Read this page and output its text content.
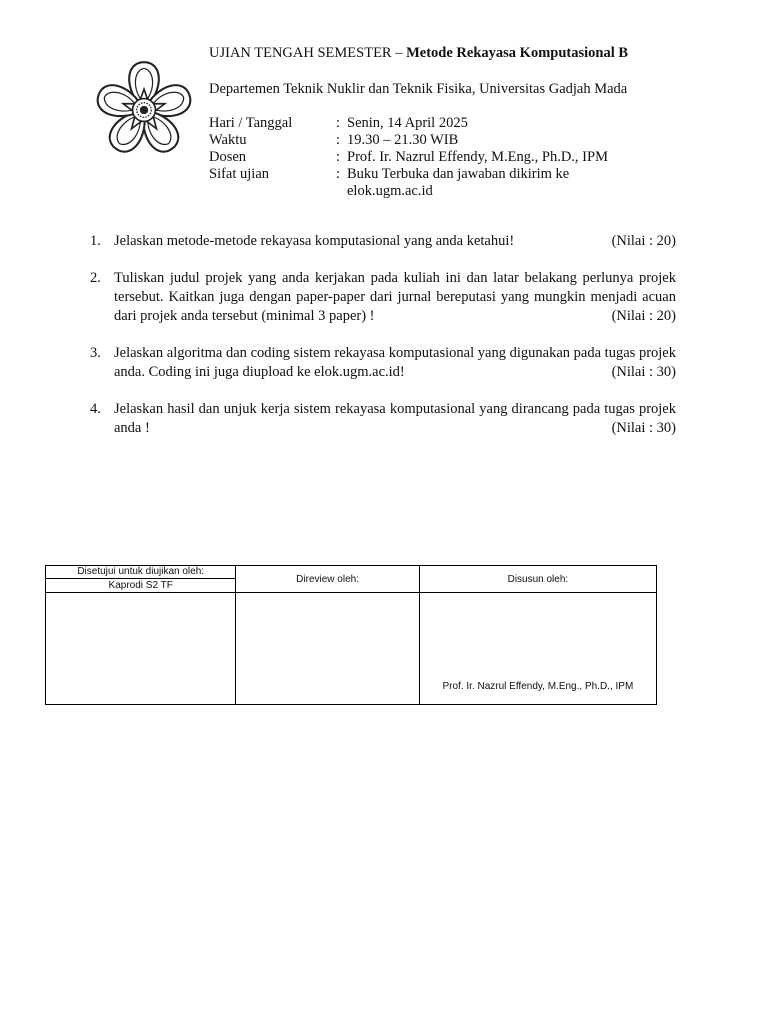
UJIAN TENGAH SEMESTER – Metode Rekayasa Komputasional B
Departemen Teknik Nuklir dan Teknik Fisika, Universitas Gadjah Mada
Hari / Tanggal	: Senin, 14 April 2025
Waktu	: 19.30 – 21.30 WIB
Dosen	: Prof. Ir. Nazrul Effendy, M.Eng., Ph.D., IPM
Sifat ujian	: Buku Terbuka dan jawaban dikirim ke elok.ugm.ac.id
1. Jelaskan metode-metode rekayasa komputasional yang anda ketahui!	(Nilai : 20)
2. Tuliskan judul projek yang anda kerjakan pada kuliah ini dan latar belakang perlunya projek tersebut. Kaitkan juga dengan paper-paper dari jurnal bereputasi yang mungkin menjadi acuan dari projek anda tersebut (minimal 3 paper) !	(Nilai : 20)
3. Jelaskan algoritma dan coding sistem rekayasa komputasional yang digunakan pada tugas projek anda. Coding ini juga diupload ke elok.ugm.ac.id!	(Nilai : 30)
4. Jelaskan hasil dan unjuk kerja sistem rekayasa komputasional yang dirancang pada tugas projek anda !	(Nilai : 30)
Disetujui untuk diujikan oleh:
Kaprodi S2 TF	Direview oleh:	Disusun oleh:
		Prof. Ir. Nazrul Effendy, M.Eng., Ph.D., IPM
